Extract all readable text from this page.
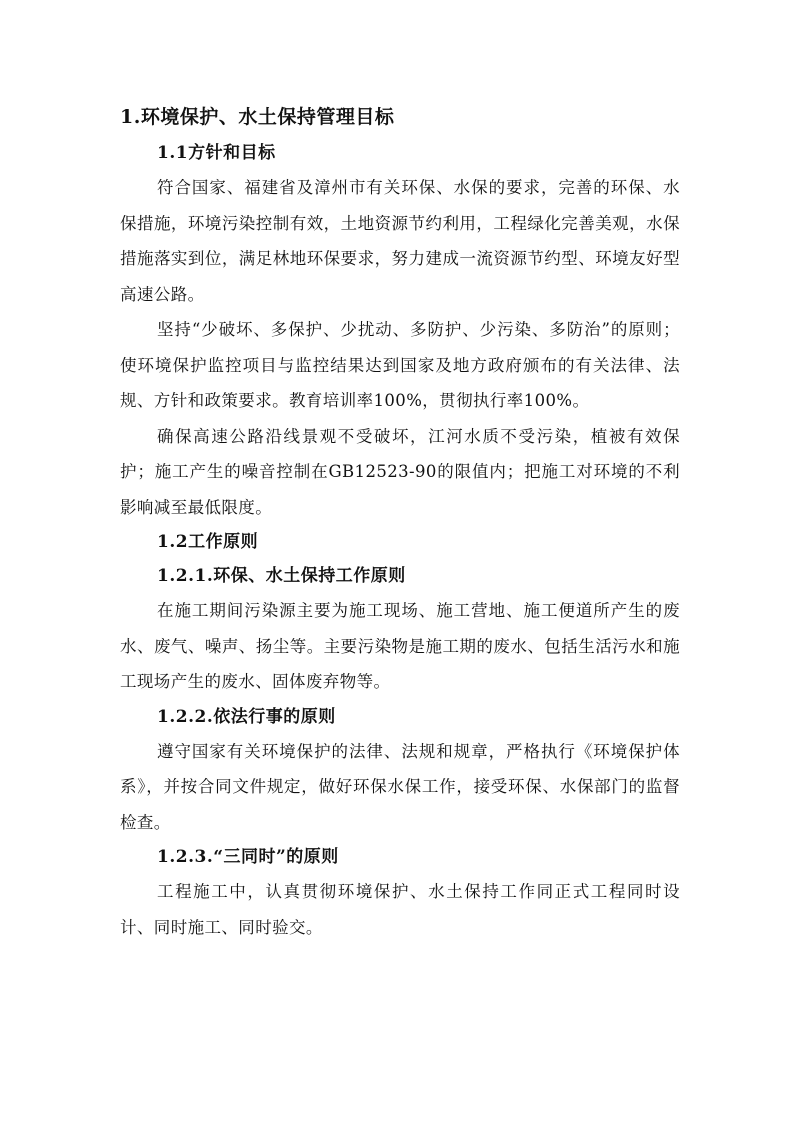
1.环境保护、水土保持管理目标
1.1方针和目标

符合国家、福建省及漳州市有关环保、水保的要求，完善的环保、水保措施，环境污染控制有效，土地资源节约利用，工程绿化完善美观，水保措施落实到位，满足林地环保要求，努力建成一流资源节约型、环境友好型高速公路。

坚持“少破坏、多保护、少扰动、多防护、少污染、多防治”的原则；使环境保护监控项目与监控结果达到国家及地方政府颁布的有关法律、法规、方针和政策要求。教育培训率100%，贯彻执行率100%。

确保高速公路沿线景观不受破坏，江河水质不受污染，植被有效保护；施工产生的噪音控制在GB12523-90的限值内；把施工对环境的不利影响减至最低限度。

1.2工作原则
1.2.1.环保、水土保持工作原则

在施工期间污染源主要为施工现场、施工营地、施工便道所产生的废水、废气、噪声、扬尘等。主要污染物是施工期的废水、包括生活污水和施工现场产生的废水、固体废弃物等。

1.2.2.依法行事的原则

遵守国家有关环境保护的法律、法规和规章，严格执行《环境保护体系》，并按合同文件规定，做好环保水保工作，接受环保、水保部门的监督检查。

1.2.3.“三同时”的原则

工程施工中，认真贯彻环境保护、水土保持工作同正式工程同时设计、同时施工、同时验交。
